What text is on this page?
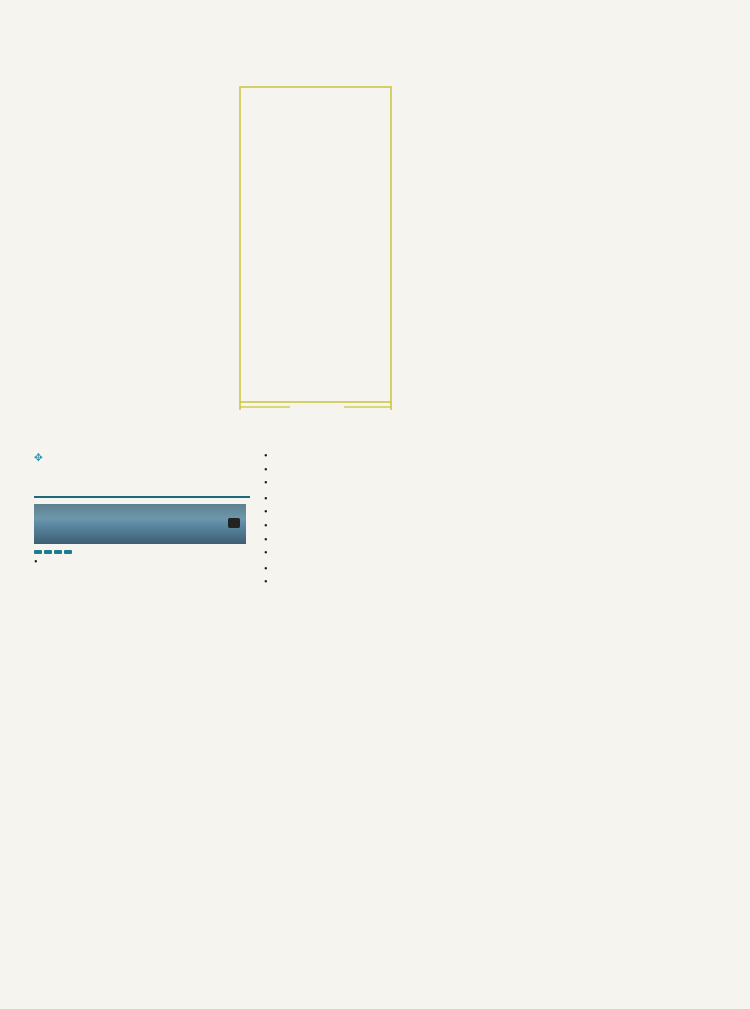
✥

•
•
•
•
•
•
•
•
•
•
•
